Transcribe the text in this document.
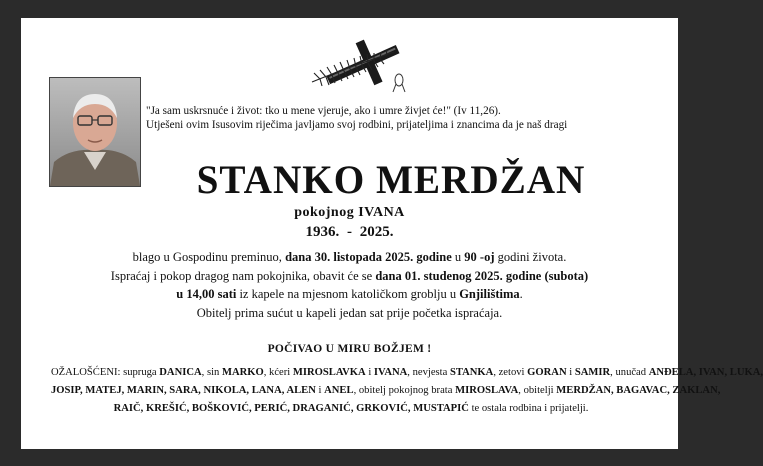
"Ja sam uskrsnuće i život: tko u mene vjeruje, ako i umre živjet će!" (Iv 11,26).

Utješeni ovim Isusovim riječima javljamo svoj rodbini, prijateljima i znancima da je naš dragi

STANKO MERDŽAN
pokojnog IVANA
1936. - 2025.

blago u Gospodinu preminuo, dana 30. listopada 2025. godine u 90 -oj godini života.

Ispraćaj i pokop dragog nam pokojnika, obavit će se dana 01. studenog 2025. godine (subota)

u 14,00 sati iz kapele na mjesnom katoličkom groblju u Gnjilištima.

Obitelj prima sućut u kapeli jedan sat prije početka ispraćaja.

POČIVAO U MIRU BOŽJEM !

OŽALOŠĆENI: supruga DANICA, sin MARKO, kćeri MIROSLAVKA i IVANA, nevjesta STANKA, zetovi GORAN i SAMIR, unučad ANĐELA, IVAN, LUKA,

JOSIP, MATEJ, MARIN, SARA, NIKOLA, LANA, ALEN i ANEL, obitelj pokojnog brata MIROSLAVA, obitelji MERDŽAN, BAGAVAC, ZAKLAN,

RAIČ, KREŠIĆ, BOŠKOVIĆ, PERIĆ, DRAGANIĆ, GRKOVIĆ, MUSTAPIĆ te ostala rodbina i prijatelji.
